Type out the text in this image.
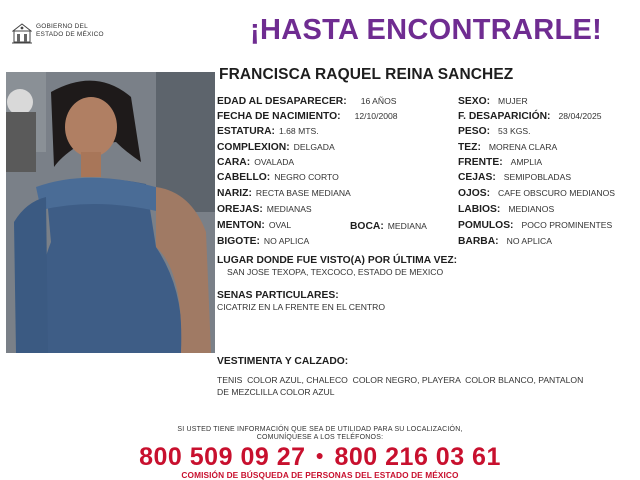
GOBIERNO DEL
ESTADO DE MÉXICO	¡HASTA ENCONTRARLE!
FRANCISCA RAQUEL REINA SANCHEZ
EDAD AL DESAPARECER: 16 AÑOS
FECHA DE NACIMIENTO: 12/10/2008
ESTATURA: 1.68 MTS.
COMPLEXION: DELGADA
CARA: OVALADA
CABELLO: NEGRO CORTO
NARIZ: RECTA BASE MEDIANA
OREJAS: MEDIANAS
MENTON: OVAL	BOCA: MEDIANA
BIGOTE: NO APLICA
SEXO: MUJER
F. DESAPARICIÓN: 28/04/2025
PESO: 53 KGS.
TEZ: MORENA CLARA
FRENTE: AMPLIA
CEJAS: SEMIPOBLADAS
OJOS: CAFE OBSCURO MEDIANOS
LABIOS: MEDIANOS
POMULOS: POCO PROMINENTES
BARBA: NO APLICA
LUGAR DONDE FUE VISTO(A) POR ÚLTIMA VEZ:
SAN JOSE TEXOPA, TEXCOCO, ESTADO DE MEXICO
SENAS PARTICULARES:
CICATRIZ EN LA FRENTE EN EL CENTRO
VESTIMENTA Y CALZADO:
TENIS  COLOR AZUL, CHALECO  COLOR NEGRO, PLAYERA  COLOR BLANCO, PANTALON
DE MEZCLILLA COLOR AZUL
SI USTED TIENE INFORMACIÓN QUE SEA DE UTILIDAD PARA SU LOCALIZACIÓN,
COMUNÍQUESE A LOS TELÉFONOS:
800 509 09 27 ● 800 216 03 61
COMISIÓN DE BÚSQUEDA DE PERSONAS DEL ESTADO DE MÉXICO
